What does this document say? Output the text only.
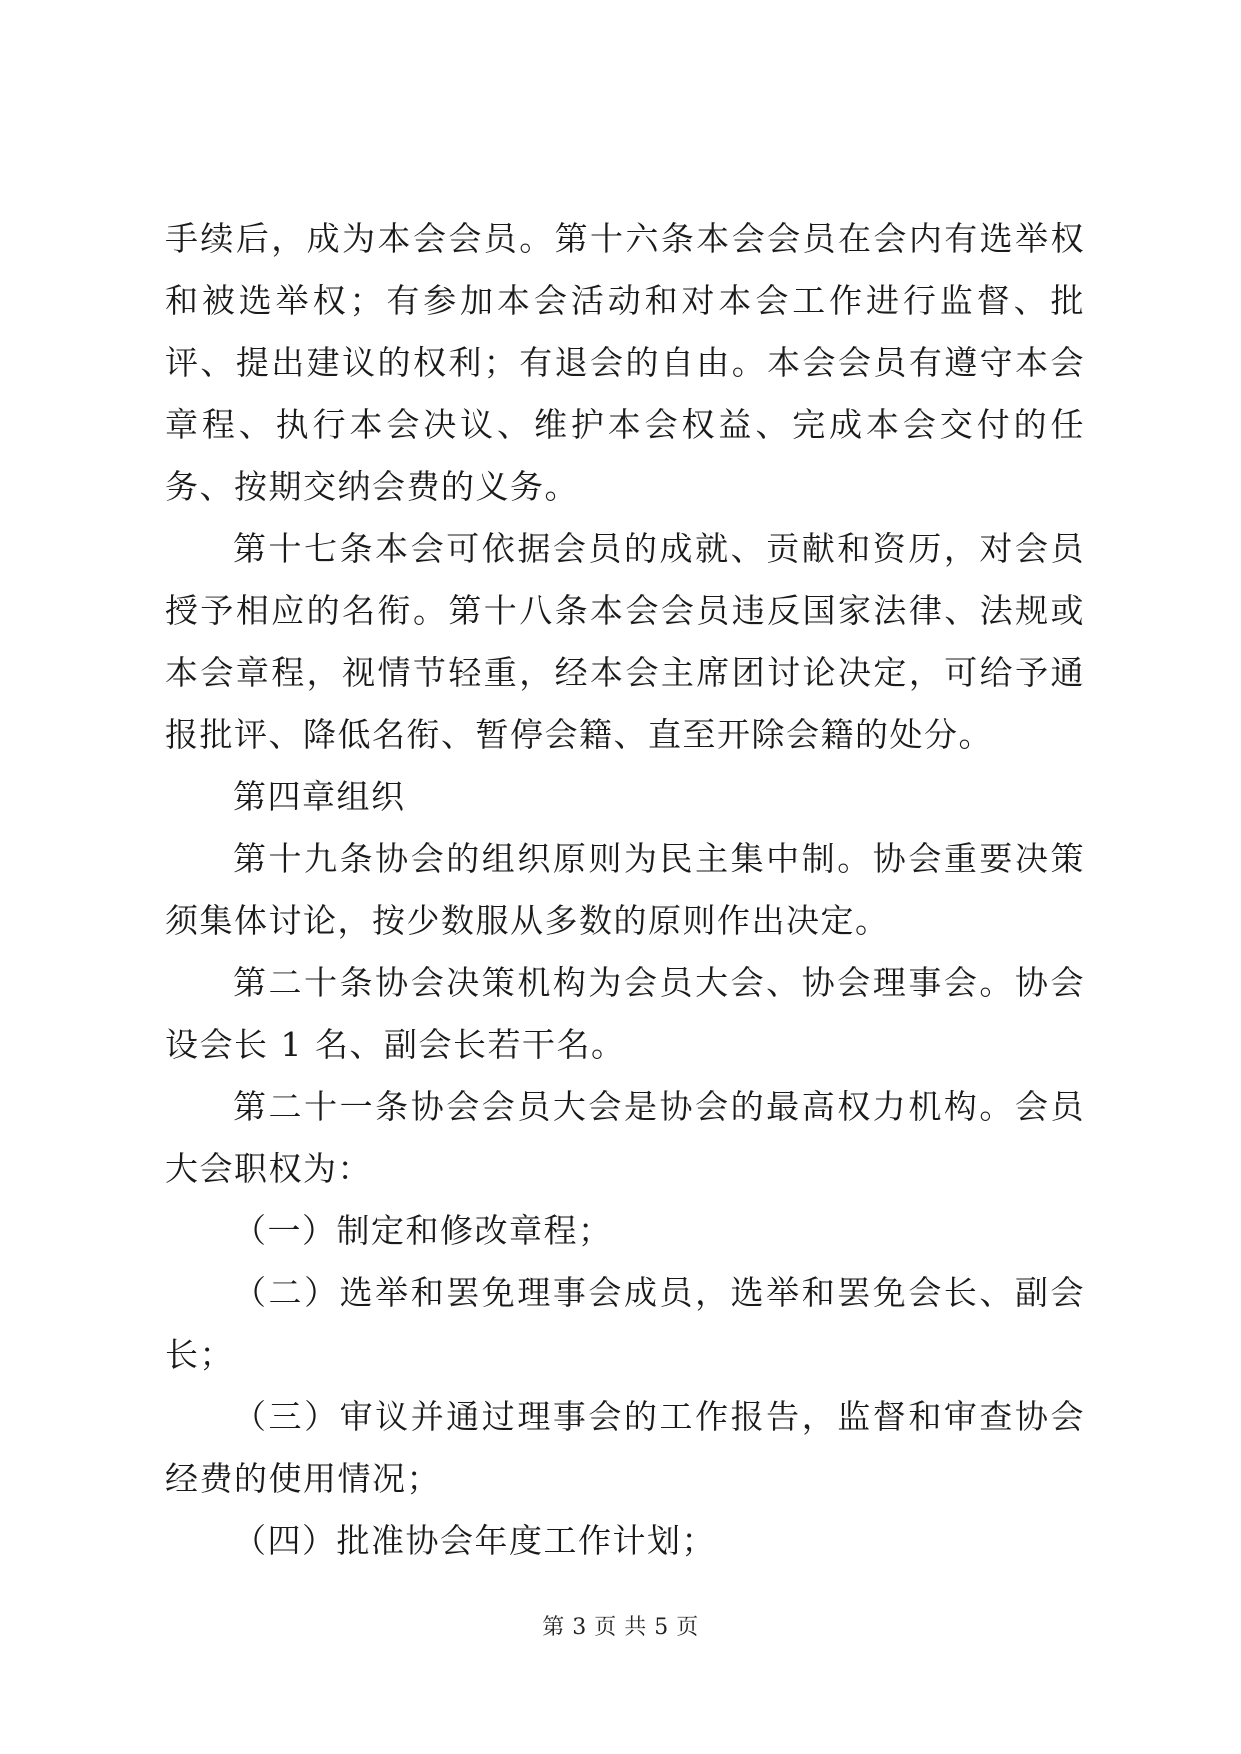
手续后，成为本会会员。第十六条本会会员在会内有选举权和被选举权；有参加本会活动和对本会工作进行监督、批评、提出建议的权利；有退会的自由。本会会员有遵守本会章程、执行本会决议、维护本会权益、完成本会交付的任务、按期交纳会费的义务。

第十七条本会可依据会员的成就、贡献和资历，对会员授予相应的名衔。第十八条本会会员违反国家法律、法规或本会章程，视情节轻重，经本会主席团讨论决定，可给予通报批评、降低名衔、暂停会籍、直至开除会籍的处分。

第四章组织

第十九条协会的组织原则为民主集中制。协会重要决策须集体讨论，按少数服从多数的原则作出决定。

第二十条协会决策机构为会员大会、协会理事会。协会设会长 1 名、副会长若干名。

第二十一条协会会员大会是协会的最高权力机构。会员大会职权为：

（一）制定和修改章程；

（二）选举和罢免理事会成员，选举和罢免会长、副会长；

（三）审议并通过理事会的工作报告，监督和审查协会经费的使用情况；

（四）批准协会年度工作计划；

第 3 页 共 5 页
